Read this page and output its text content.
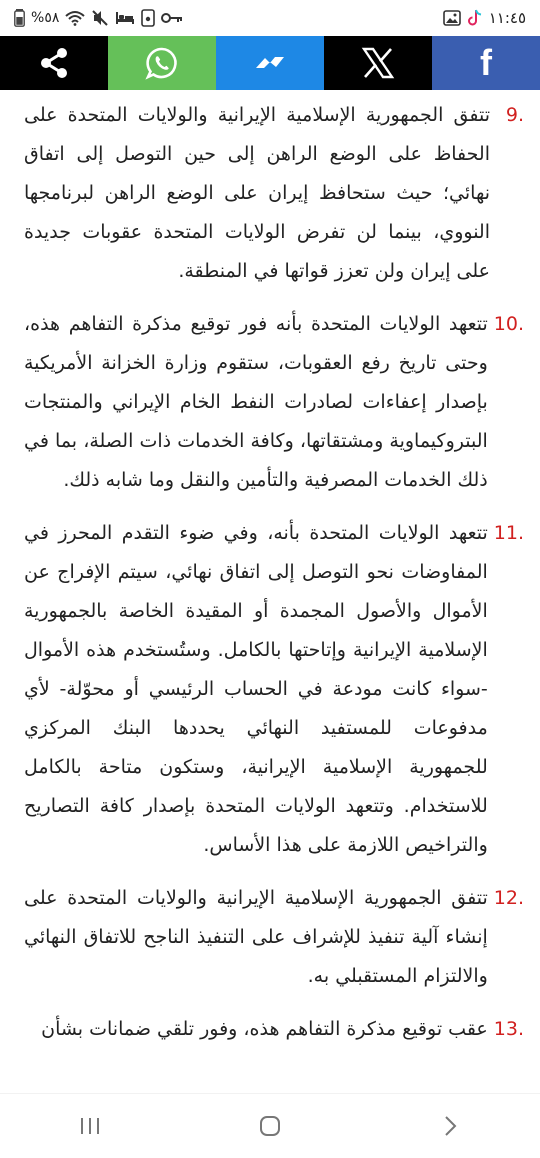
%٥٨	١١:٤٥
f
9.
تتفق الجمهورية الإسلامية الإيرانية والولايات المتحدة على الحفاظ على الوضع الراهن إلى حين التوصل إلى اتفاق نهائي؛ حيث ستحافظ إيران على الوضع الراهن لبرنامجها النووي، بينما لن تفرض الولايات المتحدة عقوبات جديدة على إيران ولن تعزز قواتها في المنطقة.
10.
تتعهد الولايات المتحدة بأنه فور توقيع مذكرة التفاهم هذه، وحتى تاريخ رفع العقوبات، ستقوم وزارة الخزانة الأمريكية بإصدار إعفاءات لصادرات النفط الخام الإيراني والمنتجات البتروكيماوية ومشتقاتها، وكافة الخدمات ذات الصلة، بما في ذلك الخدمات المصرفية والتأمين والنقل وما شابه ذلك.
11.
تتعهد الولايات المتحدة بأنه، وفي ضوء التقدم المحرز في المفاوضات نحو التوصل إلى اتفاق نهائي، سيتم الإفراج عن الأموال والأصول المجمدة أو المقيدة الخاصة بالجمهورية الإسلامية الإيرانية وإتاحتها بالكامل. وستُستخدم هذه الأموال -سواء كانت مودعة في الحساب الرئيسي أو محوّلة- لأي مدفوعات للمستفيد النهائي يحددها البنك المركزي للجمهورية الإسلامية الإيرانية، وستكون متاحة بالكامل للاستخدام. وتتعهد الولايات المتحدة بإصدار كافة التصاريح والتراخيص اللازمة على هذا الأساس.
12.
تتفق الجمهورية الإسلامية الإيرانية والولايات المتحدة على إنشاء آلية تنفيذ للإشراف على التنفيذ الناجح للاتفاق النهائي والالتزام المستقبلي به.
13.
عقب توقيع مذكرة التفاهم هذه، وفور تلقي ضمانات بشأن
